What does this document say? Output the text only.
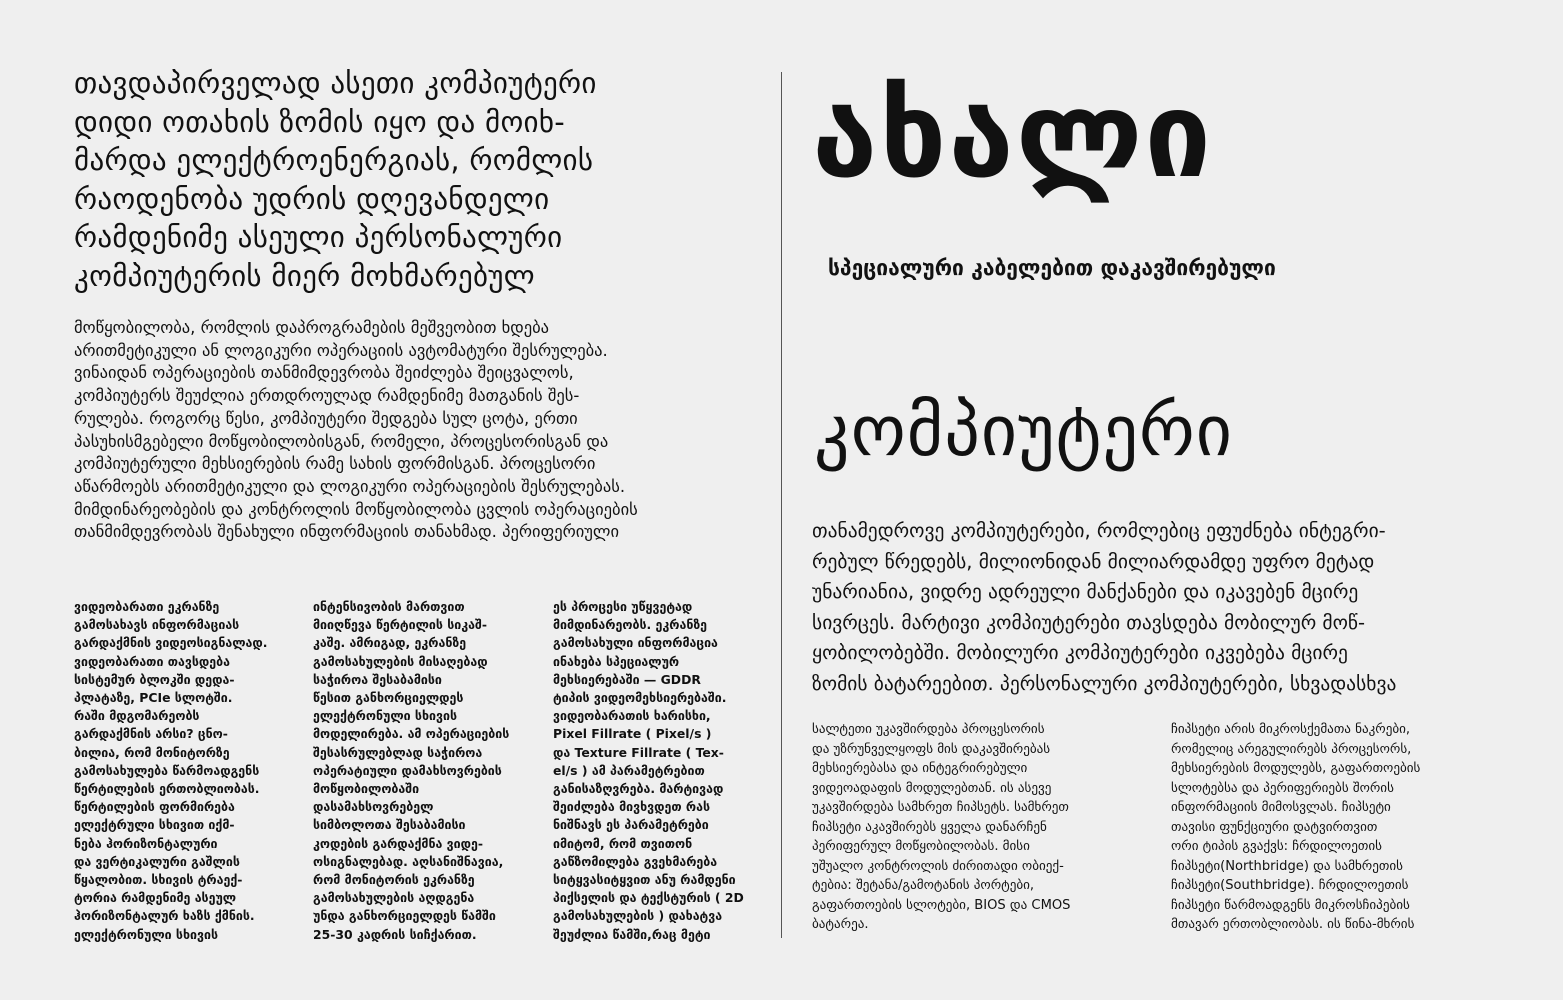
თავდაპირველად ასეთი კომპიუტერი
დიდი ოთახის ზომის იყო და მოიხ-
მარდა ელექტროენერგიას, რომლის
რაოდენობა უდრის დღევანდელი
რამდენიმე ასეული პერსონალური
კომპიუტერის მიერ მოხმარებულ
მოწყობილობა, რომლის დაპროგრამების მეშვეობით ხდება
არითმეტიკული ან ლოგიკური ოპერაციის ავტომატური შესრულება.
ვინაიდან ოპერაციების თანმიმდევრობა შეიძლება შეიცვალოს,
კომპიუტერს შეუძლია ერთდროულად რამდენიმე მათგანის შეს-
რულება. როგორც წესი, კომპიუტერი შედგება სულ ცოტა, ერთი
პასუხისმგებელი მოწყობილობისგან, რომელი, პროცესორისგან და
კომპიუტერული მეხსიერების რამე სახის ფორმისგან. პროცესორი
აწარმოებს არითმეტიკული და ლოგიკური ოპერაციების შესრულებას.
მიმდინარეობების და კონტროლის მოწყობილობა ცვლის ოპერაციების
თანმიმდევრობას შენახული ინფორმაციის თანახმად. პერიფერიული
ვიდეობარათი ეკრანზე
გამოსახავს ინფორმაციას
გარდაქმნის ვიდეოსიგნალად.
ვიდეობარათი თავსდება
სისტემურ ბლოკში დედა-
პლატაზე, PCIe სლოტში.
რაში მდგომარეობს
გარდაქმნის არსი? ცნო-
ბილია, რომ მონიტორზე
გამოსახულება წარმოადგენს
წერტილების ერთობლიობას.
წერტილების ფორმირება
ელექტრული სხივით იქმ-
ნება ჰორიზონტალური
და ვერტიკალური გაშლის
წყალობით. სხივის ტრაექ-
ტორია რამდენიმე ასეულ
ჰორიზონტალურ ხაზს ქმნის.
ელექტრონული სხივის
ინტენსივობის მართვით
მიიღწევა წერტილის სიკაშ-
კაშე. ამრიგად, ეკრანზე
გამოსახულების მისაღებად
საჭიროა შესაბამისი
წესით განხორციელდეს
ელექტრონული სხივის
მოდელირება. ამ ოპერაციების
შესასრულებლად საჭიროა
ოპერატიული დამახსოვრების
მოწყობილობაში
დასამახსოვრებელ
სიმბოლოთა შესაბამისი
კოდების გარდაქმნა ვიდე-
ოსიგნალებად. აღსანიშნავია,
რომ მონიტორის ეკრანზე
გამოსახულების აღდგენა
უნდა განხორციელდეს წამში
25-30 კადრის სიჩქარით.
ეს პროცესი უწყვეტად
მიმდინარეობს. ეკრანზე
გამოსახული ინფორმაცია
ინახება სპეციალურ
მეხსიერებაში — GDDR
ტიპის ვიდეომეხსიერებაში.
ვიდეობარათის ხარისხი,
Pixel Fillrate ( Pixel/s )
და Texture Fillrate ( Tex-
el/s ) ამ პარამეტრებით
განისაზღვრება. მარტივად
შეიძლება მივხვდეთ რას
ნიშნავს ეს პარამეტრები
იმიტომ, რომ თვითონ
გაწზომილება გვეხმარება
სიტყვასიტყვით ანუ რამდენი
პიქსელის და ტექსტურის ( 2D
გამოსახულების ) დახატვა
შეუძლია წამში,რაც მეტი
ახალი
სპეციალური კაბელებით დაკავშირებული
კომპიუტერი
თანამედროვე კომპიუტერები, რომლებიც ეფუძნება ინტეგრი-
რებულ წრედებს, მილიონიდან მილიარდამდე უფრო მეტად
უნარიანია, ვიდრე ადრეული მანქანები და იკავებენ მცირე
სივრცეს. მარტივი კომპიუტერები თავსდება მობილურ მოწ-
ყობილობებში. მობილური კომპიუტერები იკვებება მცირე
ზომის ბატარეებით. პერსონალური კომპიუტერები, სხვადასხვა
სალტეთი უკავშირდება პროცესორის
და უზრუნველყოფს მის დაკავშირებას
მეხსიერებასა და ინტეგრირებული
ვიდეოადაფის მოდულებთან. ის ასევე
უკავშირდება სამხრეთ ჩიპსეტს. სამხრეთ
ჩიპსეტი აკავშირებს ყველა დანარჩენ
პერიფერულ მოწყობილობას. მისი
უშუალო კონტროლის ძირითადი ობიექ-
ტებია: შეტანა/გამოტანის პორტები,
გაფართოების სლოტები, BIOS და CMOS
ბატარეა.
ჩიპსეტი არის მიკროსქემათა ნაკრები,
რომელიც არეგულირებს პროცესორს,
მეხსიერების მოდულებს, გაფართოების
სლოტებსა და პერიფერიებს შორის
ინფორმაციის მიმოსვლას. ჩიპსეტი
თავისი ფუნქციური დატვირთვით
ორი ტიპის გვაქვს: ჩრდილოეთის
ჩიპსეტი(Northbridge) და სამხრეთის
ჩიპსეტი(Southbridge). ჩრდილოეთის
ჩიპსეტი წარმოადგენს მიკროსჩიპების
მთავარ ერთობლიობას. ის წინა-მხრის
